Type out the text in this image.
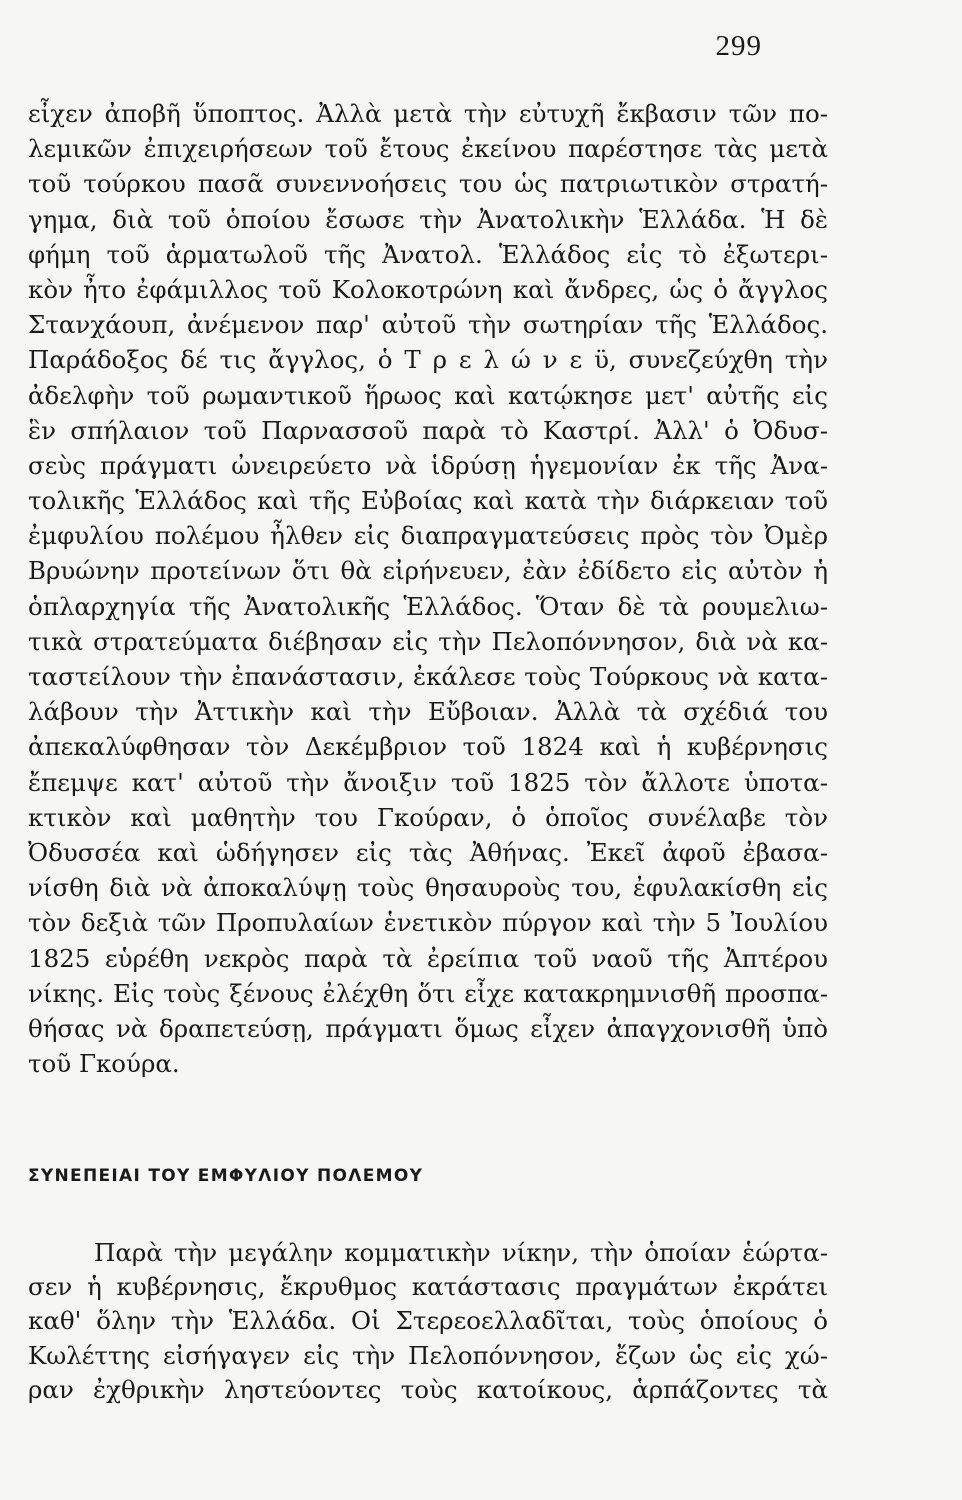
299
εἶχεν ἀποβῆ ὕποπτος. Ἀλλὰ μετὰ τὴν εὐτυχῆ ἔκβασιν τῶν πο-
λεμικῶν ἐπιχειρήσεων τοῦ ἔτους ἐκείνου παρέστησε τὰς μετὰ
τοῦ τούρκου πασᾶ συνεννοήσεις του ὡς πατριωτικὸν στρατή-
γημα, διὰ τοῦ ὁποίου ἔσωσε τὴν Ἀνατολικὴν Ἑλλάδα. Ἡ δὲ
φήμη τοῦ ἁρματωλοῦ τῆς Ἀνατολ. Ἑλλάδος εἰς τὸ ἐξωτερι-
κὸν ἦτο ἐφάμιλλος τοῦ Κολοκοτρώνη καὶ ἄνδρες, ὡς ὁ ἄγγλος
Στανχάουπ, ἀνέμενον παρ' αὐτοῦ τὴν σωτηρίαν τῆς Ἑλλάδος.
Παράδοξος δέ τις ἄγγλος, ὁ Τ ρ ε λ ώ ν ε ϋ, συνεζεύχθη τὴν
ἀδελφὴν τοῦ ρωμαντικοῦ ἥρωος καὶ κατῴκησε μετ' αὐτῆς εἰς
ἓν σπήλαιον τοῦ Παρνασσοῦ παρὰ τὸ Καστρί. Ἀλλ' ὁ Ὀδυσ-
σεὺς πράγματι ὠνειρεύετο νὰ ἱδρύσῃ ἡγεμονίαν ἐκ τῆς Ἀνα-
τολικῆς Ἑλλάδος καὶ τῆς Εὐβοίας καὶ κατὰ τὴν διάρκειαν τοῦ
ἐμφυλίου πολέμου ἦλθεν εἰς διαπραγματεύσεις πρὸς τὸν Ὀμὲρ
Βρυώνην προτείνων ὅτι θὰ εἰρήνευεν, ἐὰν ἐδίδετο εἰς αὐτὸν ἡ
ὁπλαρχηγία τῆς Ἀνατολικῆς Ἑλλάδος. Ὅταν δὲ τὰ ρουμελιω-
τικὰ στρατεύματα διέβησαν εἰς τὴν Πελοπόννησον, διὰ νὰ κα-
ταστείλουν τὴν ἐπανάστασιν, ἐκάλεσε τοὺς Τούρκους νὰ κατα-
λάβουν τὴν Ἀττικὴν καὶ τὴν Εὔβοιαν. Ἀλλὰ τὰ σχέδιά του
ἀπεκαλύφθησαν τὸν Δεκέμβριον τοῦ 1824 καὶ ἡ κυβέρνησις
ἔπεμψε κατ' αὐτοῦ τὴν ἄνοιξιν τοῦ 1825 τὸν ἄλλοτε ὑποτα-
κτικὸν καὶ μαθητὴν του Γκούραν, ὁ ὁποῖος συνέλαβε τὸν
Ὀδυσσέα καὶ ὡδήγησεν εἰς τὰς Ἀθήνας. Ἐκεῖ ἀφοῦ ἐβασα-
νίσθη διὰ νὰ ἀποκαλύψῃ τοὺς θησαυροὺς του, ἐφυλακίσθη εἰς
τὸν δεξιὰ τῶν Προπυλαίων ἑνετικὸν πύργον καὶ τὴν 5 Ἰουλίου
1825 εὑρέθη νεκρὸς παρὰ τὰ ἐρείπια τοῦ ναοῦ τῆς Ἀπτέρου
νίκης. Εἰς τοὺς ξένους ἐλέχθη ὅτι εἶχε κατακρημνισθῆ προσπα-
θήσας νὰ δραπετεύσῃ, πράγματι ὅμως εἶχεν ἀπαγχονισθῆ ὑπὸ
τοῦ Γκούρα.
ΣΥΝΕΠΕΙΑΙ ΤΟΥ ΕΜΦΥΛΙΟΥ ΠΟΛΕΜΟΥ
Παρὰ τὴν μεγάλην κομματικὴν νίκην, τὴν ὁποίαν ἑώρτα-
σεν ἡ κυβέρνησις, ἔκρυθμος κατάστασις πραγμάτων ἐκράτει
καθ' ὅλην τὴν Ἑλλάδα. Οἱ Στερεοελλαδῖται, τοὺς ὁποίους ὁ
Κωλέττης εἰσήγαγεν εἰς τὴν Πελοπόννησον, ἔζων ὡς εἰς χώ-
ραν ἐχθρικὴν ληστεύοντες τοὺς κατοίκους, ἁρπάζοντες τὰ
